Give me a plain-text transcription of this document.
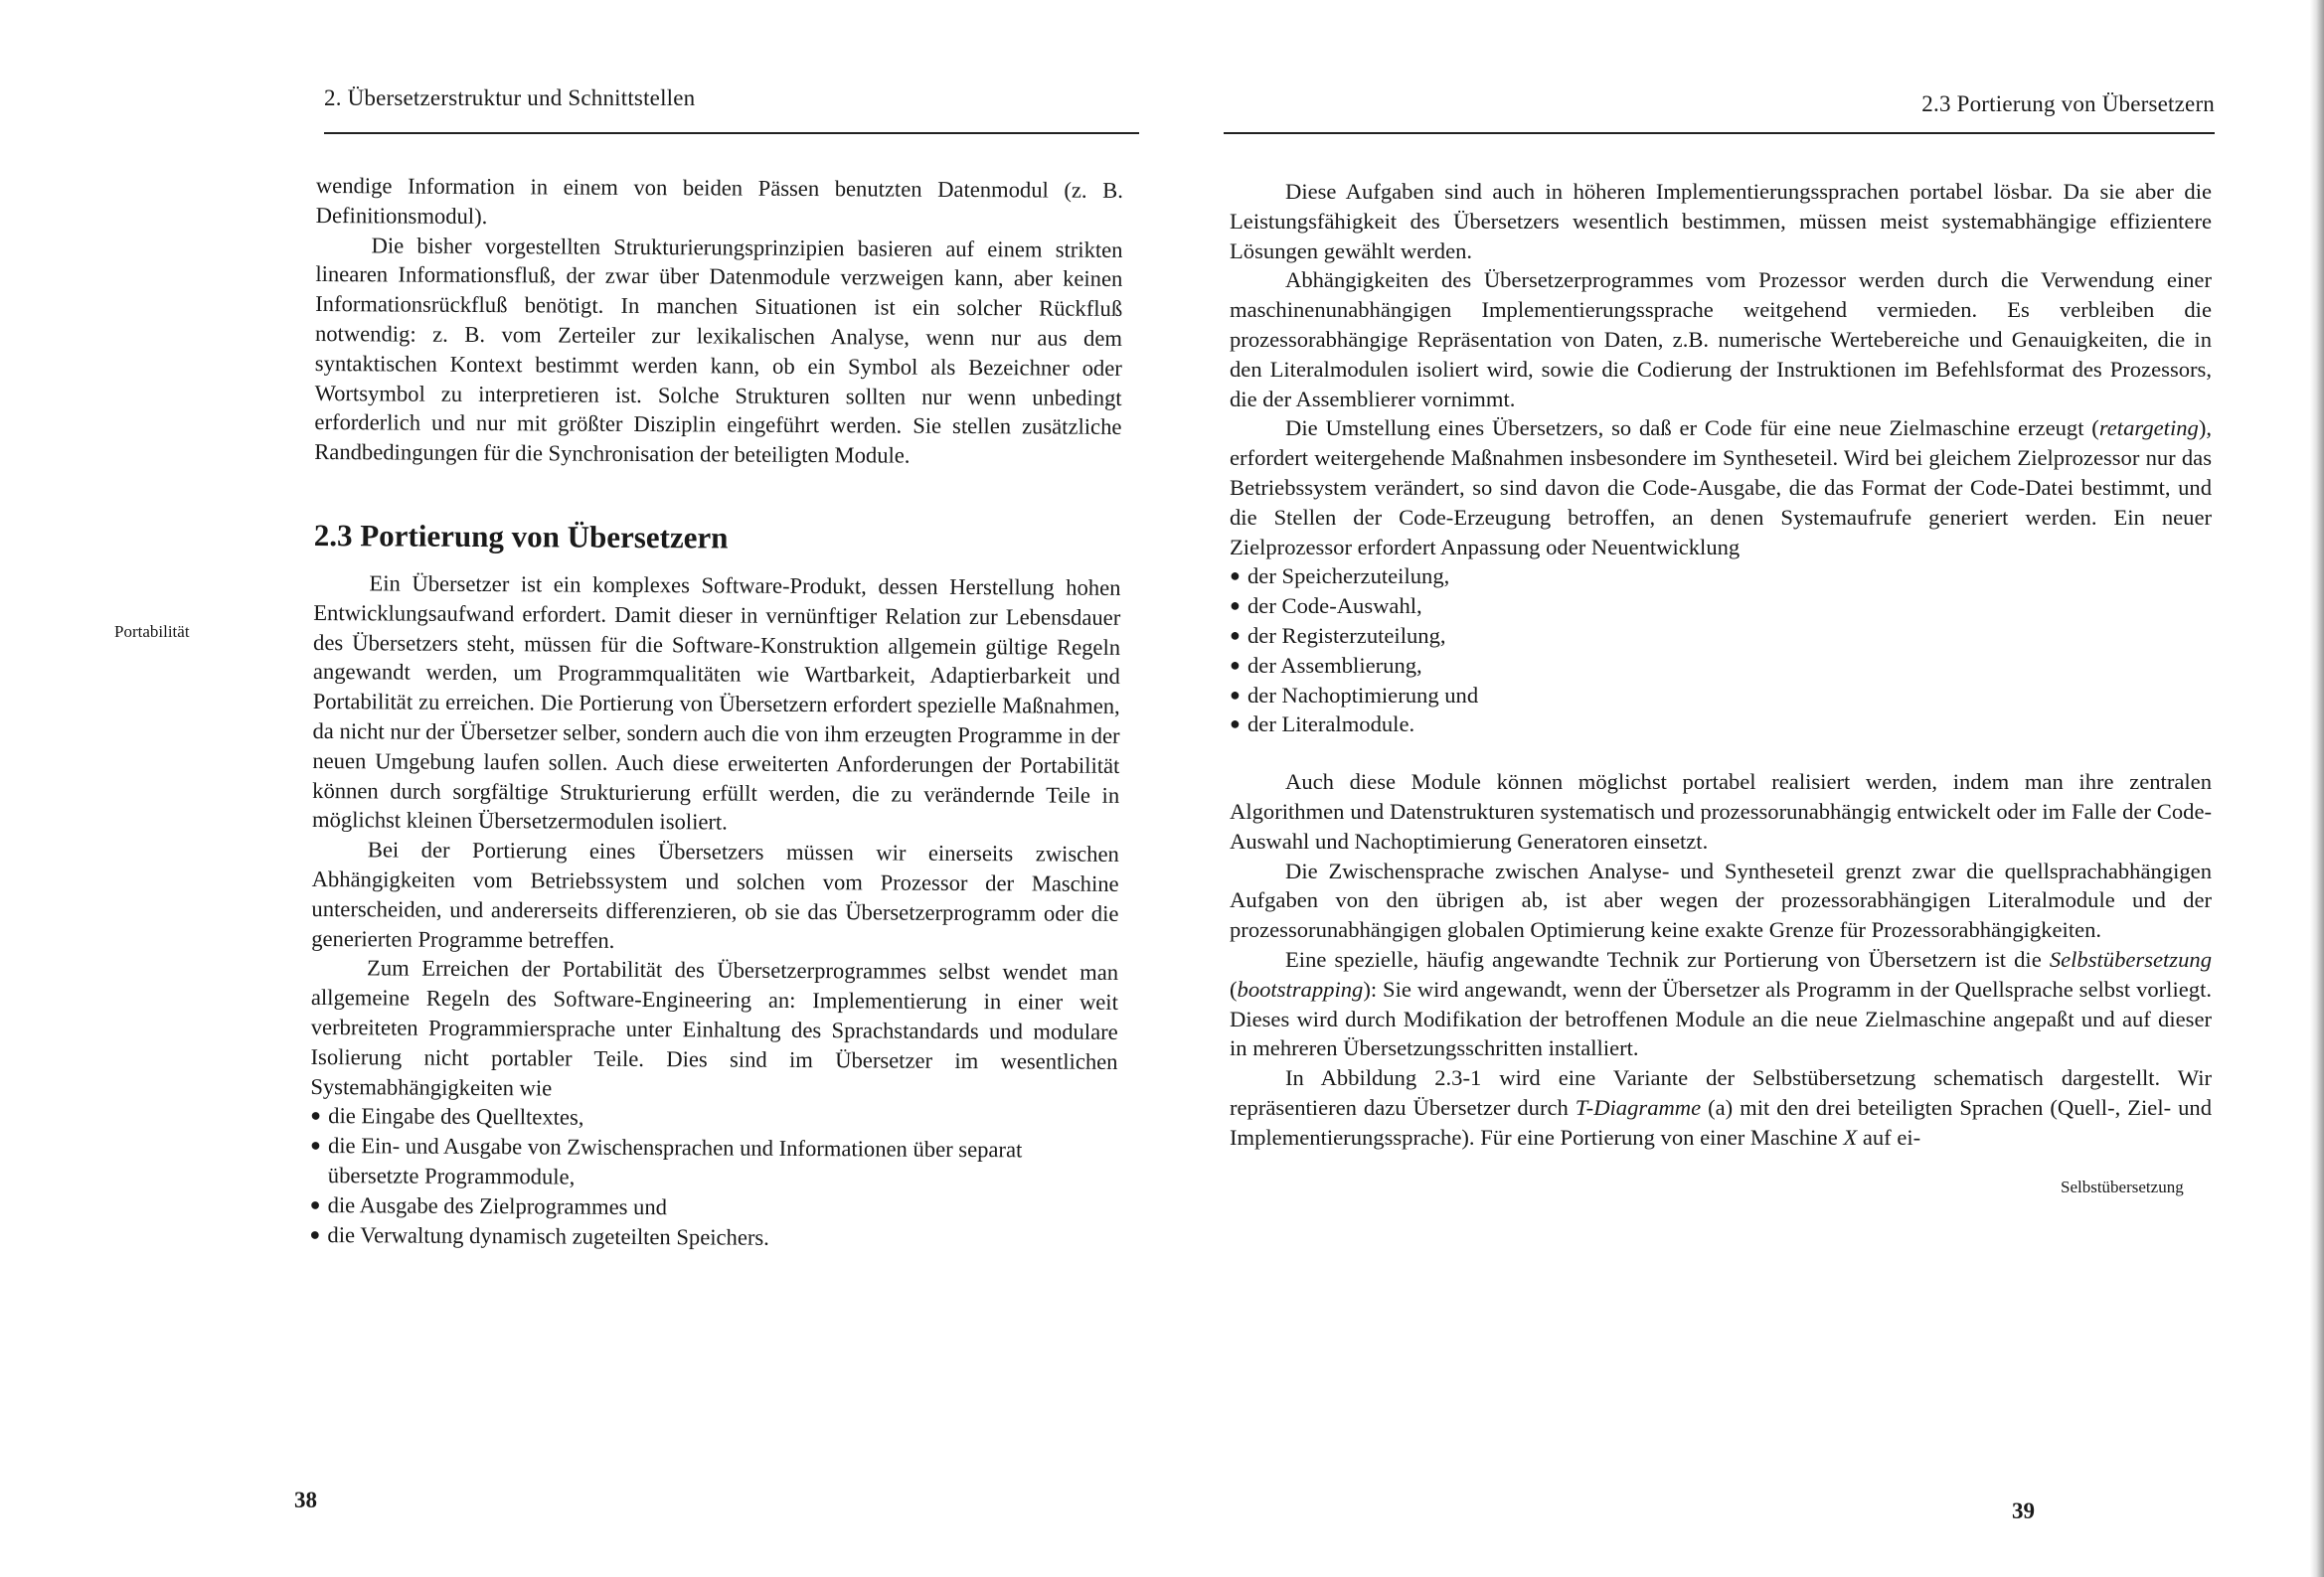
2. Übersetzerstruktur und Schnittstellen

wendige Information in einem von beiden Pässen benutzten Datenmodul (z. B. Definitionsmodul).

Die bisher vorgestellten Strukturierungsprinzipien basieren auf einem strikten linearen Informationsfluß, der zwar über Datenmodule verzweigen kann, aber keinen Informationsrückfluß benötigt. In manchen Situationen ist ein solcher Rückfluß notwendig: z. B. vom Zerteiler zur lexikalischen Analyse, wenn nur aus dem syntaktischen Kontext bestimmt werden kann, ob ein Symbol als Bezeichner oder Wortsymbol zu interpretieren ist. Solche Strukturen sollten nur wenn unbedingt erforderlich und nur mit größter Disziplin eingeführt werden. Sie stellen zusätzliche Randbedingungen für die Synchronisation der beteiligten Module.

2.3 Portierung von Übersetzern

Ein Übersetzer ist ein komplexes Software-Produkt, dessen Herstellung hohen Entwicklungsaufwand erfordert. Damit dieser in vernünftiger Relation zur Lebensdauer des Übersetzers steht, müssen für die Software-Konstruktion allgemein gültige Regeln angewandt werden, um Programmqualitäten wie Wartbarkeit, Adaptierbarkeit und Portabilität zu erreichen. Die Portierung von Übersetzern erfordert spezielle Maßnahmen, da nicht nur der Übersetzer selber, sondern auch die von ihm erzeugten Programme in der neuen Umgebung laufen sollen. Auch diese erweiterten Anforderungen der Portabilität können durch sorgfältige Strukturierung erfüllt werden, die zu verändernde Teile in möglichst kleinen Übersetzermodulen isoliert.

Bei der Portierung eines Übersetzers müssen wir einerseits zwischen Abhängigkeiten vom Betriebssystem und solchen vom Prozessor der Maschine unterscheiden, und andererseits differenzieren, ob sie das Übersetzerprogramm oder die generierten Programme betreffen.

Zum Erreichen der Portabilität des Übersetzerprogrammes selbst wendet man allgemeine Regeln des Software-Engineering an: Implementierung in einer weit verbreiteten Programmiersprache unter Einhaltung des Sprachstandards und modulare Isolierung nicht portabler Teile. Dies sind im Übersetzer im wesentlichen Systemabhängigkeiten wie

● die Eingabe des Quelltextes,
● die Ein- und Ausgabe von Zwischensprachen und Informationen über separat übersetzte Programmodule,
● die Ausgabe des Zielprogrammes und
● die Verwaltung dynamisch zugeteilten Speichers.
38
Portabilität
2.3 Portierung von Übersetzern

Diese Aufgaben sind auch in höheren Implementierungssprachen portabel lösbar. Da sie aber die Leistungsfähigkeit des Übersetzers wesentlich bestimmen, müssen meist systemabhängige effizientere Lösungen gewählt werden.

Abhängigkeiten des Übersetzerprogrammes vom Prozessor werden durch die Verwendung einer maschinenunabhängigen Implementierungssprache weitgehend vermieden. Es verbleiben die prozessorabhängige Repräsentation von Daten, z.B. numerische Wertebereiche und Genauigkeiten, die in den Literalmodulen isoliert wird, sowie die Codierung der Instruktionen im Befehlsformat des Prozessors, die der Assemblierer vornimmt.

Die Umstellung eines Übersetzers, so daß er Code für eine neue Zielmaschine erzeugt (retargeting), erfordert weitergehende Maßnahmen insbesondere im Syntheseteil. Wird bei gleichem Zielprozessor nur das Betriebssystem verändert, so sind davon die Code-Ausgabe, die das Format der Code-Datei bestimmt, und die Stellen der Code-Erzeugung betroffen, an denen Systemaufrufe generiert werden. Ein neuer Zielprozessor erfordert Anpassung oder Neuentwicklung

● der Speicherzuteilung,
● der Code-Auswahl,
● der Registerzuteilung,
● der Assemblierung,
● der Nachoptimierung und
● der Literalmodule.

Auch diese Module können möglichst portabel realisiert werden, indem man ihre zentralen Algorithmen und Datenstrukturen systematisch und prozessorunabhängig entwickelt oder im Falle der Code-Auswahl und Nachoptimierung Generatoren einsetzt.

Die Zwischensprache zwischen Analyse- und Syntheseteil grenzt zwar die quellsprachabhängigen Aufgaben von den übrigen ab, ist aber wegen der prozessorabhängigen Literalmodule und der prozessorunabhängigen globalen Optimierung keine exakte Grenze für Prozessorabhängigkeiten.

Eine spezielle, häufig angewandte Technik zur Portierung von Übersetzern ist die Selbstübersetzung (bootstrapping): Sie wird angewandt, wenn der Übersetzer als Programm in der Quellsprache selbst vorliegt. Dieses wird durch Modifikation der betroffenen Module an die neue Zielmaschine angepaßt und auf dieser in mehreren Übersetzungsschritten installiert.

In Abbildung 2.3-1 wird eine Variante der Selbstübersetzung schematisch dargestellt. Wir repräsentieren dazu Übersetzer durch T-Diagramme (a) mit den drei beteiligten Sprachen (Quell-, Ziel- und Implementierungssprache). Für eine Portierung von einer Maschine X auf ei-

39
Selbstübersetzung
